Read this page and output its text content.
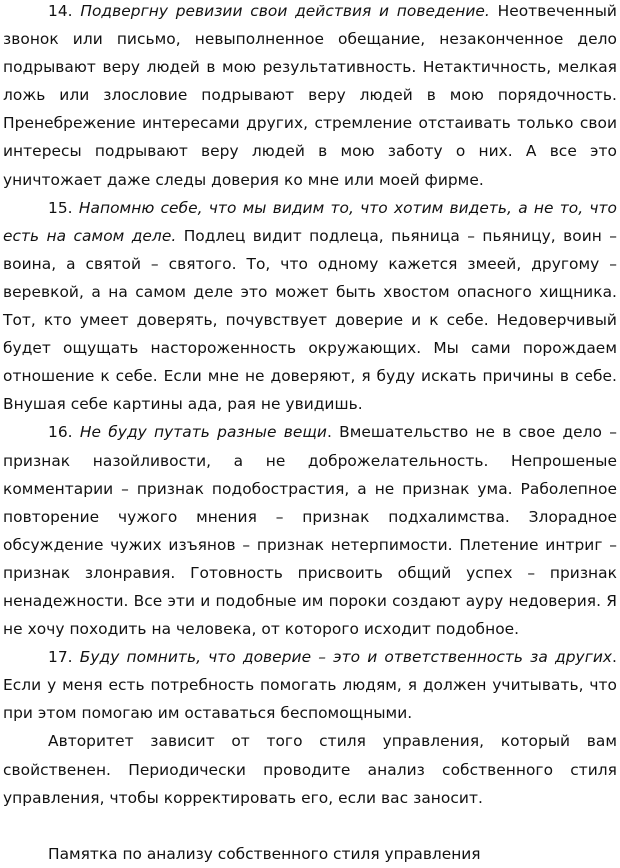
14. Подвергну ревизии свои действия и поведение. Неотвеченный звонок или письмо, невыполненное обещание, незаконченное дело подрывают веру людей в мою результативность. Нетактичность, мелкая ложь или злословие подрывают веру людей в мою порядочность. Пренебрежение интересами других, стремление отстаивать только свои интересы подрывают веру людей в мою заботу о них. А все это уничтожает даже следы доверия ко мне или моей фирме.

15. Напомню себе, что мы видим то, что хотим видеть, а не то, что есть на самом деле. Подлец видит подлеца, пьяница – пьяницу, воин – воина, а святой – святого. То, что одному кажется змеей, другому – веревкой, а на самом деле это может быть хвостом опасного хищника. Тот, кто умеет доверять, почувствует доверие и к себе. Недоверчивый будет ощущать настороженность окружающих. Мы сами порождаем отношение к себе. Если мне не доверяют, я буду искать причины в себе. Внушая себе картины ада, рая не увидишь.

16. Не буду путать разные вещи. Вмешательство не в свое дело – признак назойливости, а не доброжелательность. Непрошеные комментарии – признак подобострастия, а не признак ума. Раболепное повторение чужого мнения – признак подхалимства. Злорадное обсуждение чужих изъянов – признак нетерпимости. Плетение интриг – признак злонравия. Готовность присвоить общий успех – признак ненадежности. Все эти и подобные им пороки создают ауру недоверия. Я не хочу походить на человека, от которого исходит подобное.

17. Буду помнить, что доверие – это и ответственность за других. Если у меня есть потребность помогать людям, я должен учитывать, что при этом помогаю им оставаться беспомощными.

Авторитет зависит от того стиля управления, который вам свойственен. Периодически проводите анализ собственного стиля управления, чтобы корректировать его, если вас заносит.

Памятка по анализу собственного стиля управления
